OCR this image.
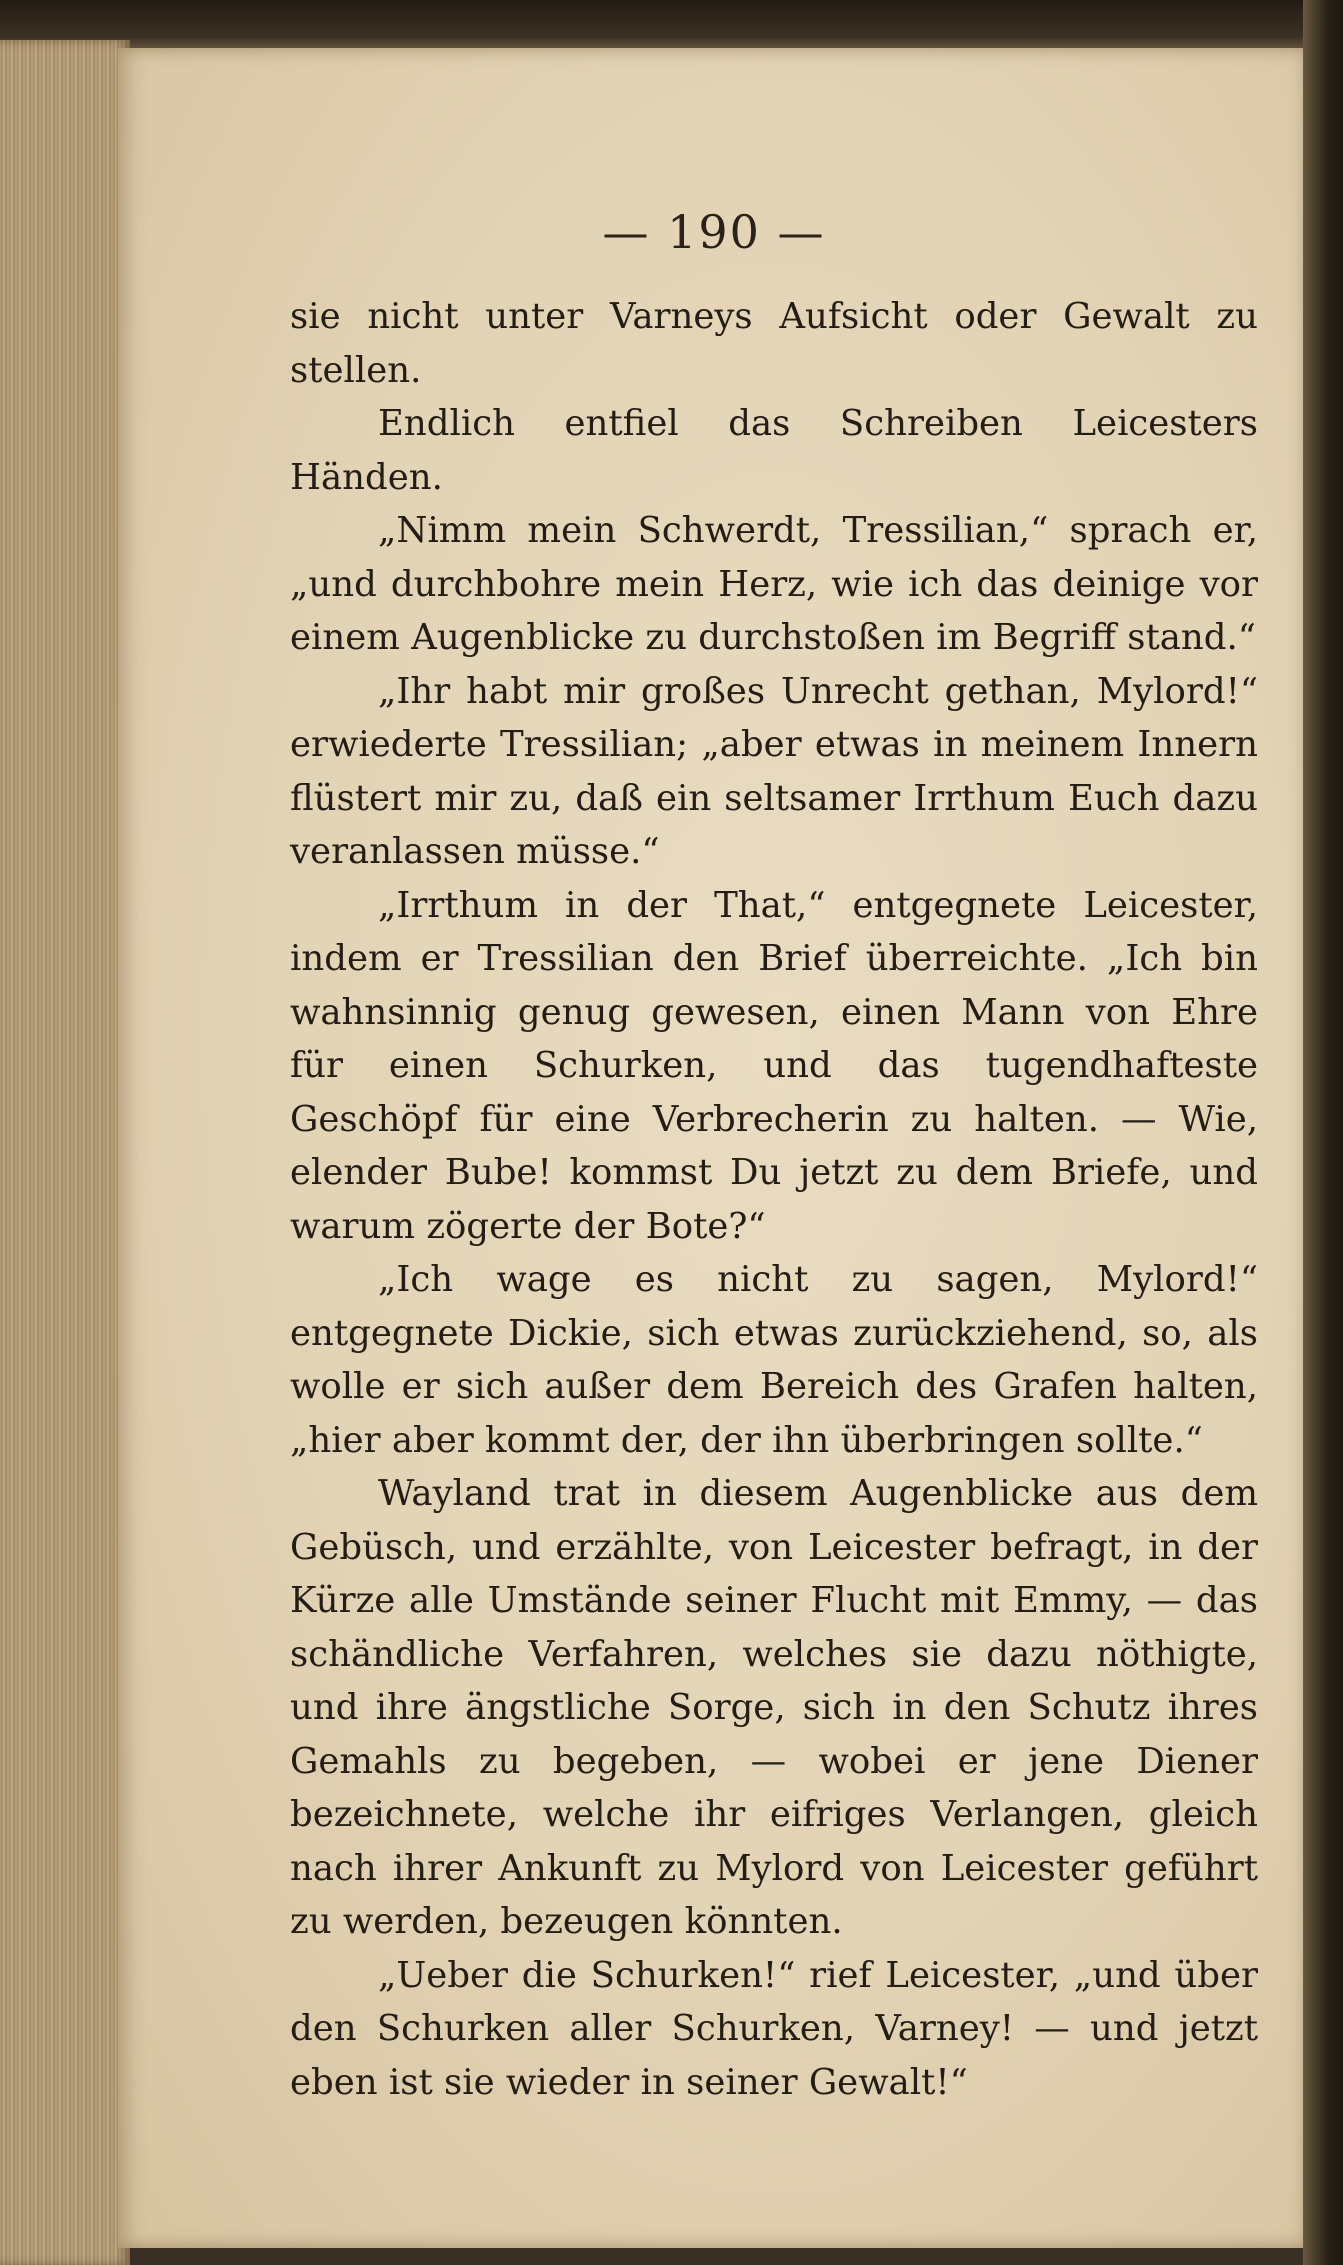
— 190 —

sie nicht unter Varneys Aufsicht oder Gewalt zu stellen.

Endlich entfiel das Schreiben Leicesters Händen.

„Nimm mein Schwerdt, Tressilian,“ sprach er, „und durchbohre mein Herz, wie ich das deinige vor einem Augenblicke zu durchstoßen im Begriff stand.“

„Ihr habt mir großes Unrecht gethan, Mylord!“ erwiederte Tressilian; „aber etwas in meinem Innern flüstert mir zu, daß ein seltsamer Irrthum Euch dazu veranlassen müsse.“

„Irrthum in der That,“ entgegnete Leicester, indem er Tressilian den Brief überreichte. „Ich bin wahnsinnig genug gewesen, einen Mann von Ehre für einen Schurken, und das tugendhafteste Geschöpf für eine Verbrecherin zu halten. — Wie, elender Bube! kommst Du jetzt zu dem Briefe, und warum zögerte der Bote?“

„Ich wage es nicht zu sagen, Mylord!“ entgegnete Dickie, sich etwas zurückziehend, so, als wolle er sich außer dem Bereich des Grafen halten, „hier aber kommt der, der ihn überbringen sollte.“

Wayland trat in diesem Augenblicke aus dem Gebüsch, und erzählte, von Leicester befragt, in der Kürze alle Umstände seiner Flucht mit Emmy, — das schändliche Verfahren, welches sie dazu nöthigte, und ihre ängstliche Sorge, sich in den Schutz ihres Gemahls zu begeben, — wobei er jene Diener bezeichnete, welche ihr eifriges Verlangen, gleich nach ihrer Ankunft zu Mylord von Leicester geführt zu werden, bezeugen könnten.

„Ueber die Schurken!“ rief Leicester, „und über den Schurken aller Schurken, Varney! — und jetzt eben ist sie wieder in seiner Gewalt!“
